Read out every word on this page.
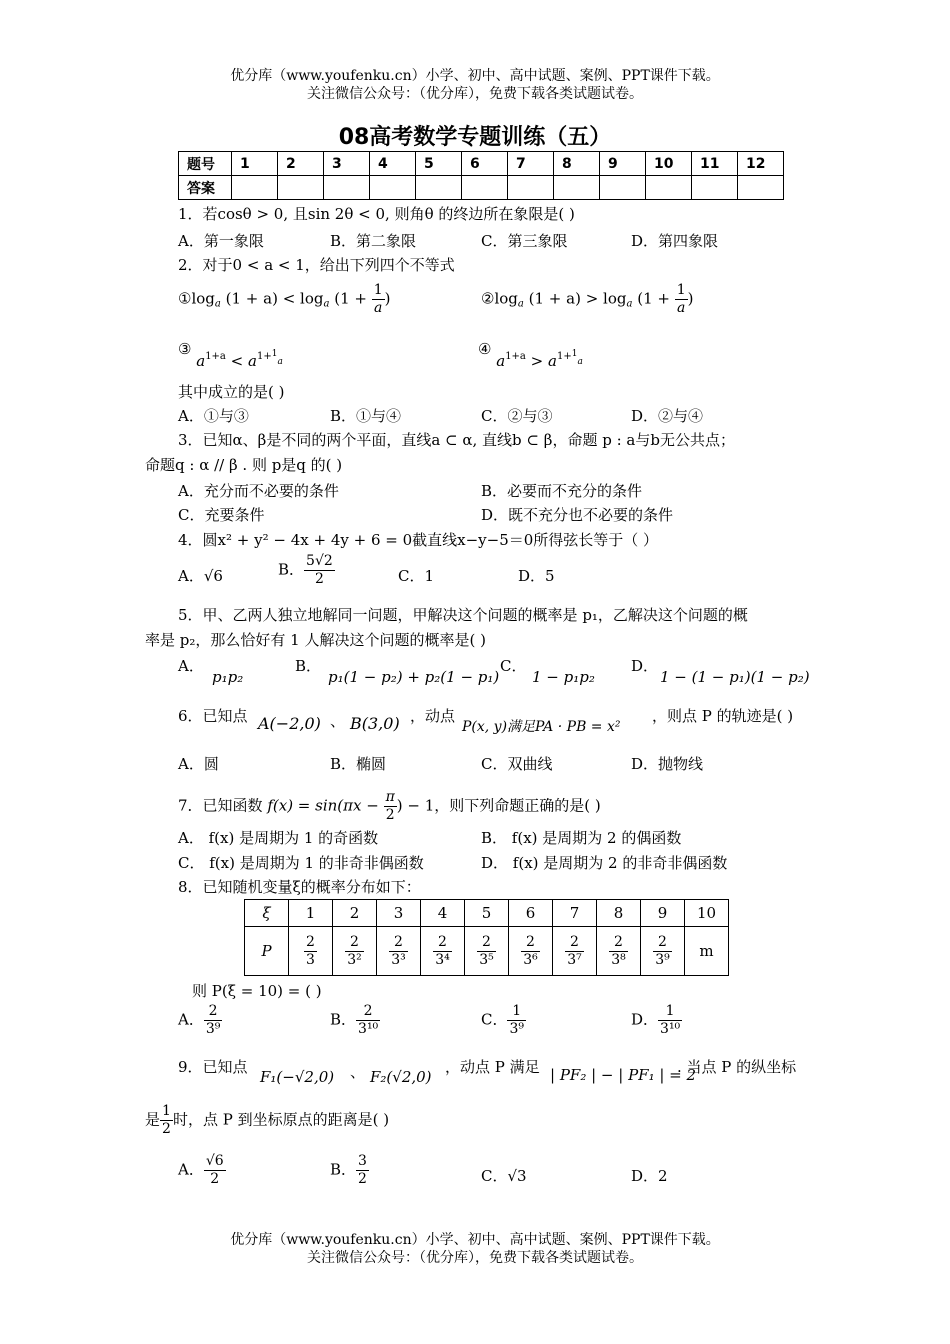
优分库（www.youfenku.cn）小学、初中、高中试题、案例、PPT课件下载。
关注微信公众号：（优分库），免费下载各类试题试卷。
08高考数学专题训练（五）
题号	1	2	3	4	5	6	7	8	9	10	11	12
答案												
1．若cosθ > 0, 且sin 2θ < 0, 则角θ 的终边所在象限是( )
A．第一象限	B．第二象限	C．第三象限	D．第四象限
2．对于0 < a < 1，给出下列四个不等式
$①\log_a$ $(1 + a) < \log_a (1 + \frac{1}{a}$ )	$②\log_a$ $(1 + a) > \log_a (1 + \frac{1}{a}$ )
③ $a^{1+a} < a^{1+1}a$
④ $a^{1+a} > a^{1+1}a$
其中成立的是( )
A．①与③	B．①与④	C．②与③	D．②与④
3．已知α、β是不同的两个平面，直线a ⊂ α, 直线b ⊂ β，命题 p : a与b无公共点；
命题q : α // β . 则 p是q 的( )
A．充分而不必要的条件	B．必要而不充分的条件
C．充要条件	D．既不充分也不必要的条件
4．圆x² + y² − 4x + 4y + 6 = 0截直线x−y−5＝0所得弦长等于（ ）
A．√6	B． $\frac{5√2}{2}$	C．1	D．5
5．甲、乙两人独立地解同一问题，甲解决这个问题的概率是 p₁，乙解决这个问题的概
率是 p₂，那么恰好有 1 人解决这个问题的概率是( )
A．
p₁p₂
B．
p₁(1 − p₂) + p₂(1 − p₁)
C．
1 − p₁p₂
D．
1 − (1 − p₁)(1 − p₂)
6．已知点 A(−2,0) 、 B(3,0) ，动点
P(x, y)满足PA · PB = x²
，则点 P 的轨迹是( )
A．圆	B．椭圆	C．双曲线	D．抛物线
7．已知函数 $f(x) = \sin(\pi x - \frac{\pi}{2}$ ) − 1，则下列命题正确的是( )
A． f(x) 是周期为 1 的奇函数	B． f(x) 是周期为 2 的偶函数
C． f(x) 是周期为 1 的非奇非偶函数	D． f(x) 是周期为 2 的非奇非偶函数
8．已知随机变量ξ的概率分布如下：
ξ	1	2	3	4	5	6	7	8	9	10
P	$\frac{2}{3}$	$\frac{2}{\text{3²}}$	$\frac{2}{\text{3³}}$	$\frac{2}{\text{3⁴}}$	$\frac{2}{\text{3⁵}}$	$\frac{2}{\text{3⁶}}$	$\frac{2}{\text{3⁷}}$	$\frac{2}{\text{3⁸}}$	$\frac{2}{\text{3⁹}}$	m
则 P(ξ = 10) = ( )
A． $\frac{2}{\text{3⁹}}$	B． $\frac{2}{\text{3¹⁰}}$	C． $\frac{1}{\text{3⁹}}$	D． $\frac{1}{\text{3¹⁰}}$
9．已知点
F₁(−√2,0) 、 F₂(√2,0)
，动点 P 满足 | PF₂ | − | PF₁ | = 2
. 当点 P 的纵坐标
是 $\frac{1}{2}$ 时，点 P 到坐标原点的距离是( )
A． $\frac{√6}{2}$	B． $\frac{3}{2}$	C．√3	D．2
优分库（www.youfenku.cn）小学、初中、高中试题、案例、PPT课件下载。
关注微信公众号：（优分库），免费下载各类试题试卷。
